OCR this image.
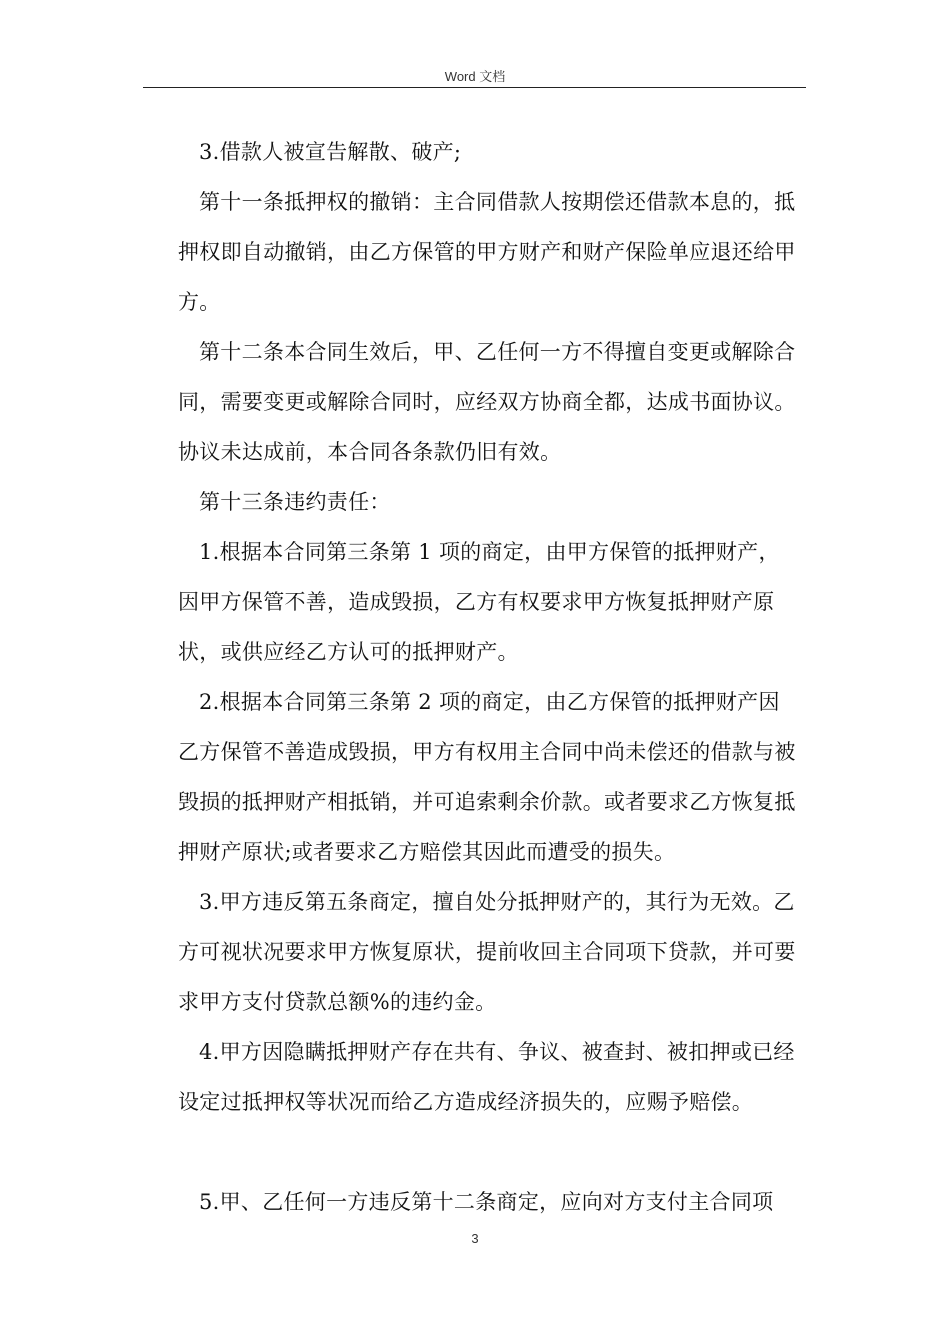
Word 文档

3.借款人被宣告解散、破产;

第十一条抵押权的撤销：主合同借款人按期偿还借款本息的，抵押权即自动撤销，由乙方保管的甲方财产和财产保险单应退还给甲方。

第十二条本合同生效后，甲、乙任何一方不得擅自变更或解除合同，需要变更或解除合同时，应经双方协商全都，达成书面协议。协议未达成前，本合同各条款仍旧有效。

第十三条违约责任：

1.根据本合同第三条第 1 项的商定，由甲方保管的抵押财产，因甲方保管不善，造成毁损，乙方有权要求甲方恢复抵押财产原状，或供应经乙方认可的抵押财产。

2.根据本合同第三条第 2 项的商定，由乙方保管的抵押财产因乙方保管不善造成毁损，甲方有权用主合同中尚未偿还的借款与被毁损的抵押财产相抵销，并可追索剩余价款。或者要求乙方恢复抵押财产原状;或者要求乙方赔偿其因此而遭受的损失。

3.甲方违反第五条商定，擅自处分抵押财产的，其行为无效。乙方可视状况要求甲方恢复原状，提前收回主合同项下贷款，并可要求甲方支付贷款总额%的违约金。

4.甲方因隐瞒抵押财产存在共有、争议、被查封、被扣押或已经设定过抵押权等状况而给乙方造成经济损失的，应赐予赔偿。

5.甲、乙任何一方违反第十二条商定，应向对方支付主合同项

3
